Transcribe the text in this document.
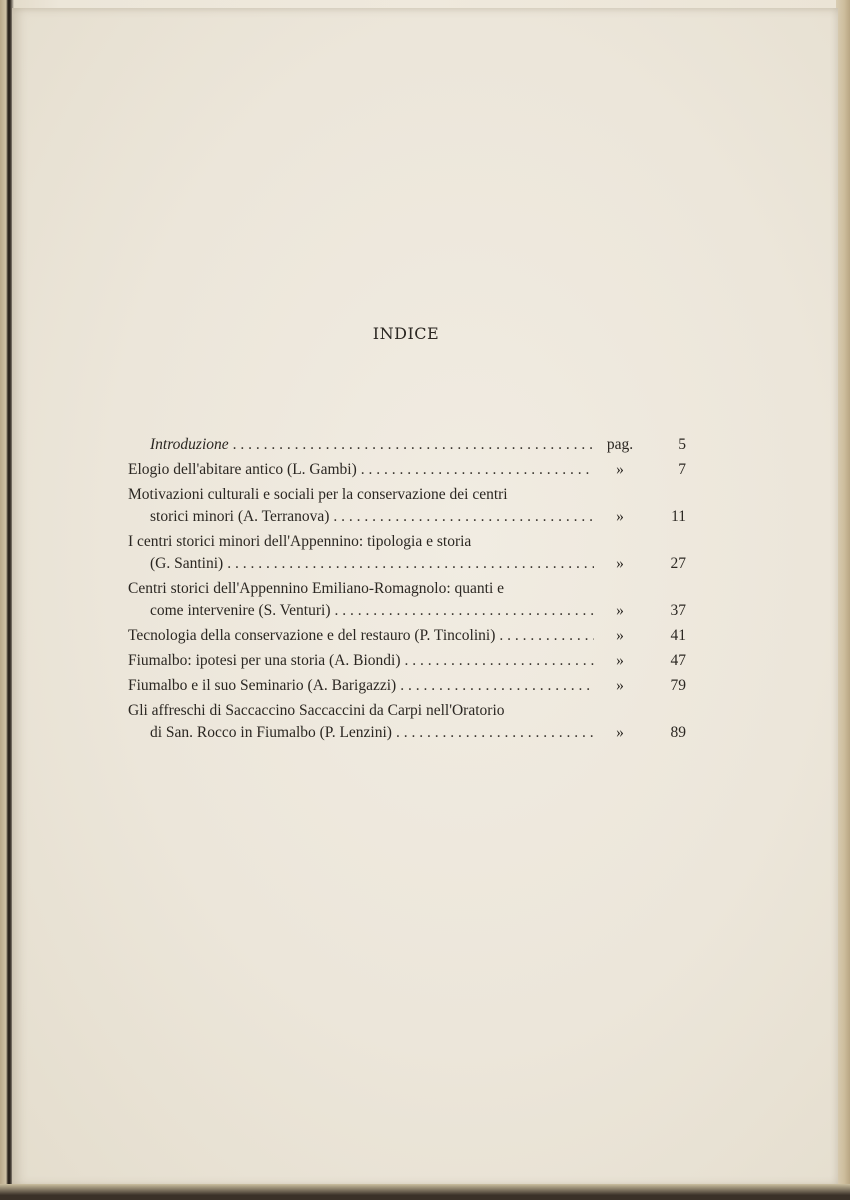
INDICE
Introduzione . . .	pag.	5
Elogio dell'abitare antico (L. Gambi) . . .	»	7
Motivazioni culturali e sociali per la conservazione dei centri
storici minori (A. Terranova) . . .	»	11
I centri storici minori dell'Appennino: tipologia e storia
(G. Santini) . . .	»	27
Centri storici dell'Appennino Emiliano-Romagnolo: quanti e
come intervenire (S. Venturi) . . .	»	37
Tecnologia della conservazione e del restauro (P. Tincolini) . . .	»	41
Fiumalbo: ipotesi per una storia (A. Biondi) . . .	»	47
Fiumalbo e il suo Seminario (A. Barigazzi) . . .	»	79
Gli affreschi di Saccaccino Saccaccini da Carpi nell'Oratorio
di San. Rocco in Fiumalbo (P. Lenzini) . . .	»	89
